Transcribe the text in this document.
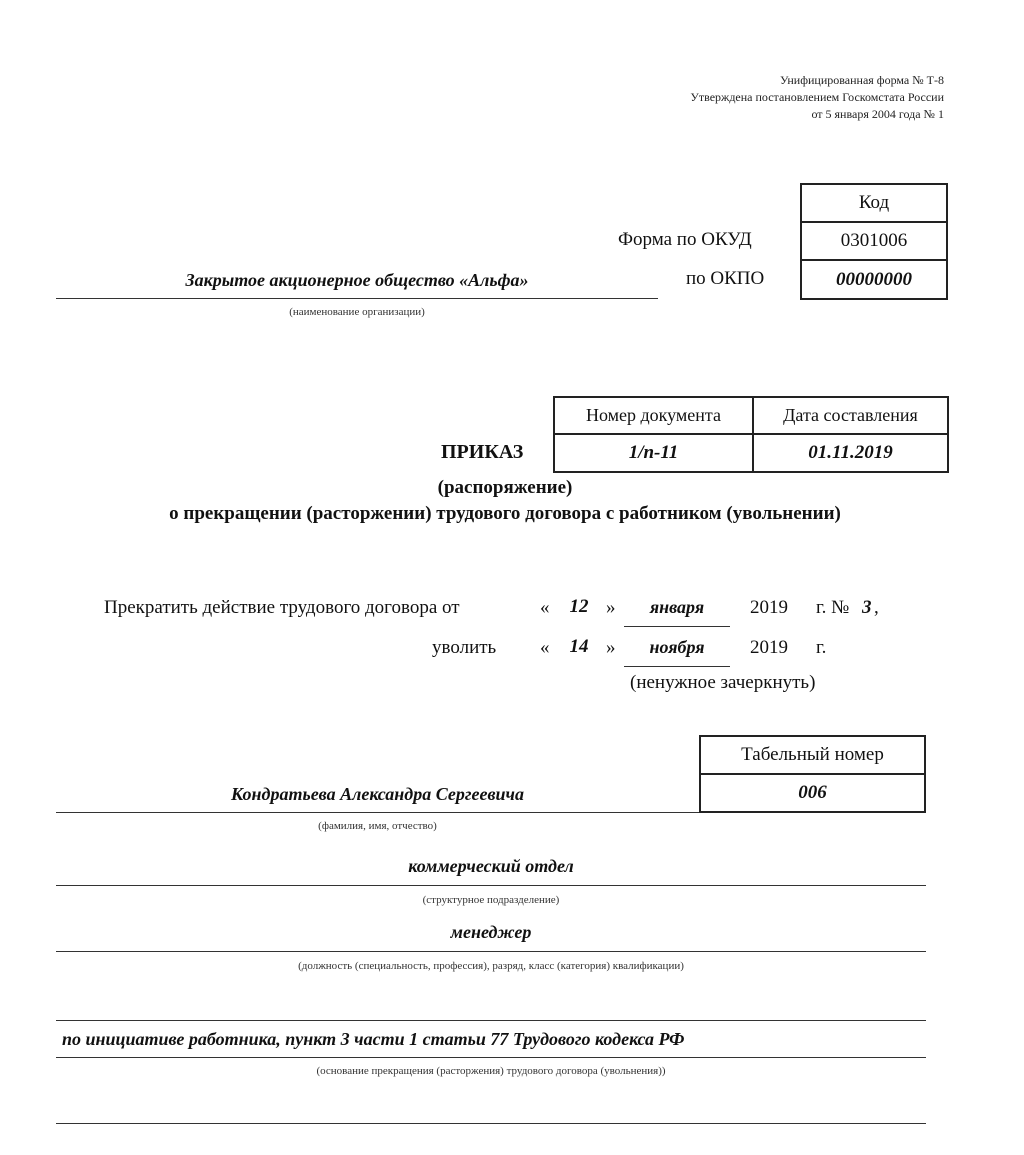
Унифицированная форма № Т-8
Утверждена постановлением Госкомстата России
от 5 января 2004 года № 1
Код
0301006
00000000
Форма по ОКУД
по ОКПО
Закрытое акционерное общество «Альфа»
(наименование организации)
Номер документа	Дата составления
1/п-11	01.11.2019
ПРИКАЗ
(распоряжение)
о прекращении (расторжении) трудового договора с работником (увольнении)
Прекратить действие трудового договора от	«	12 »	января	2019 г. № 3 ,
уволить «	14 »	ноября	2019 г.
(ненужное зачеркнуть)
Табельный номер
006
Кондратьева Александра Сергеевича
(фамилия, имя, отчество)
коммерческий отдел
(структурное подразделение)
менеджер
(должность (специальность, профессия), разряд, класс (категория) квалификации)
по инициативе работника, пункт 3 части 1 статьи 77 Трудового кодекса РФ
(основание прекращения (расторжения) трудового договора (увольнения))
